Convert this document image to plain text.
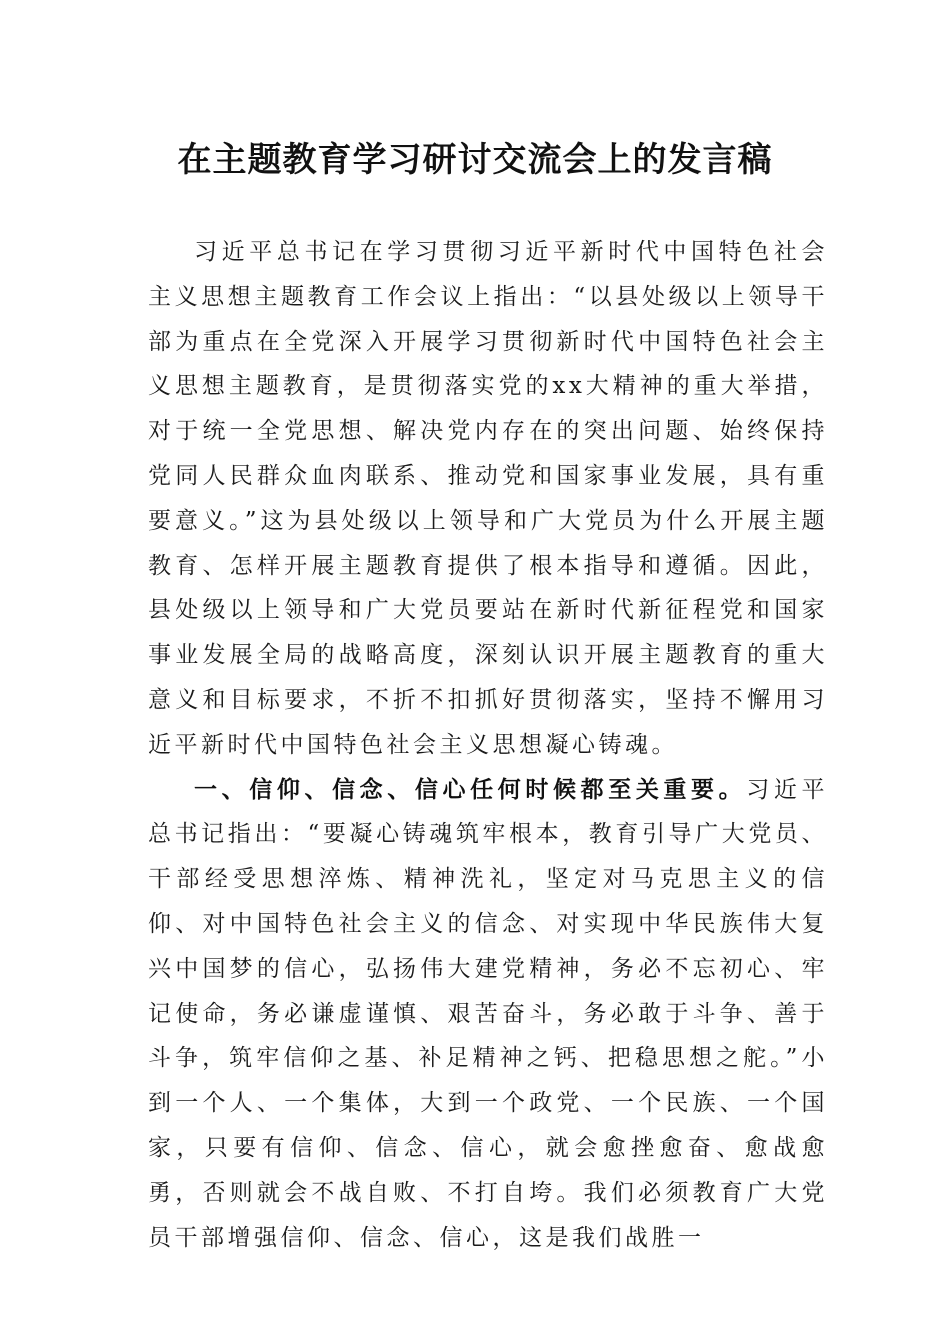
在主题教育学习研讨交流会上的发言稿

习近平总书记在学习贯彻习近平新时代中国特色社会主义思想主题教育工作会议上指出：“以县处级以上领导干部为重点在全党深入开展学习贯彻新时代中国特色社会主义思想主题教育，是贯彻落实党的xx大精神的重大举措，对于统一全党思想、解决党内存在的突出问题、始终保持党同人民群众血肉联系、推动党和国家事业发展，具有重要意义。”这为县处级以上领导和广大党员为什么开展主题教育、怎样开展主题教育提供了根本指导和遵循。因此，县处级以上领导和广大党员要站在新时代新征程党和国家事业发展全局的战略高度，深刻认识开展主题教育的重大意义和目标要求，不折不扣抓好贯彻落实，坚持不懈用习近平新时代中国特色社会主义思想凝心铸魂。

一、信仰、信念、信心任何时候都至关重要。习近平总书记指出：“要凝心铸魂筑牢根本，教育引导广大党员、干部经受思想淬炼、精神洗礼，坚定对马克思主义的信仰、对中国特色社会主义的信念、对实现中华民族伟大复兴中国梦的信心，弘扬伟大建党精神，务必不忘初心、牢记使命，务必谦虚谨慎、艰苦奋斗，务必敢于斗争、善于斗争，筑牢信仰之基、补足精神之钙、把稳思想之舵。”小到一个人、一个集体，大到一个政党、一个民族、一个国家，只要有信仰、信念、信心，就会愈挫愈奋、愈战愈勇，否则就会不战自败、不打自垮。我们必须教育广大党员干部增强信仰、信念、信心，这是我们战胜一
